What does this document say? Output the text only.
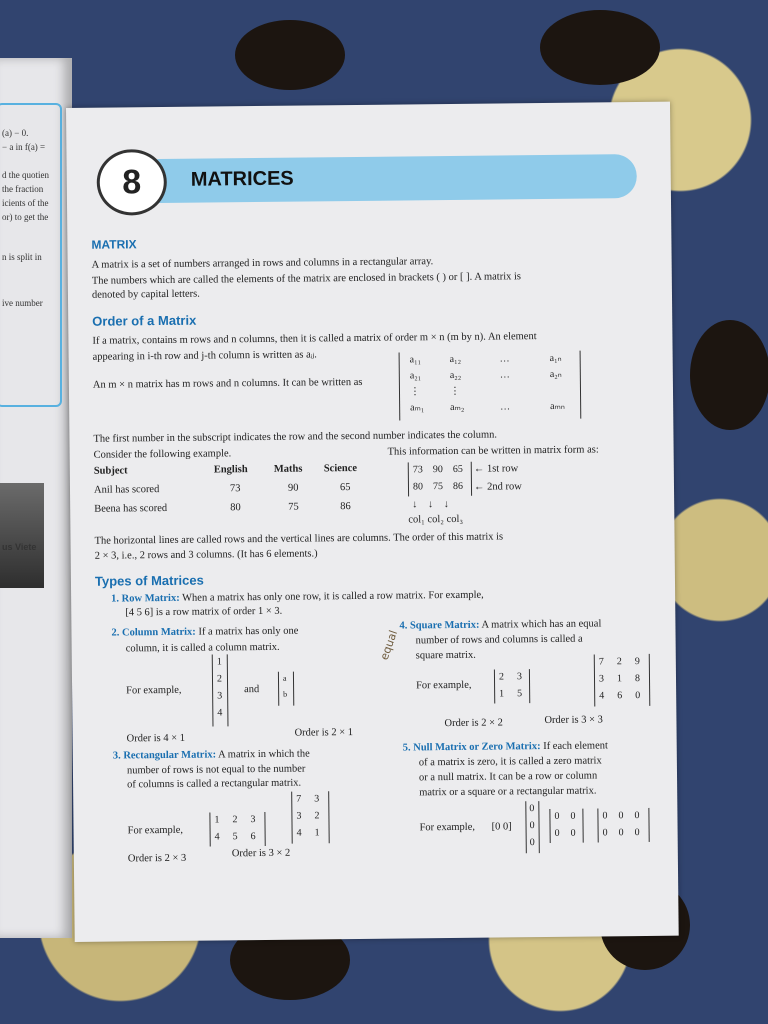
(a) − 0.
− a in f(a) =
d the quotien
the fraction
icients of the
or) to get the
n is split in
ive number
us Viete
8	MATRICES
MATRIX
A matrix is a set of numbers arranged in rows and columns in a rectangular array.
The numbers which are called the elements of the matrix are enclosed in brackets ( ) or [ ]. A matrix is
denoted by capital letters.
Order of a Matrix
If a matrix, contains m rows and n columns, then it is called a matrix of order m × n (m by n). An element
appearing in i-th row and j-th column is written as aᵢⱼ.
An m × n matrix has m rows and n columns. It can be written as
a₁₁	a₁₂	…	a₁ₙ
a₂₁	a₂₂	…	a₂ₙ
⋮	⋮
aₘ₁	aₘ₂	…	aₘₙ
The first number in the subscript indicates the row and the second number indicates the column.
Consider the following example.	This information can be written in matrix form as:
Subject	English Maths Science
Anil has scored	73	90	65
Beena has scored	80	75	86
73 90 65
80 75 86
← 1st row
← 2nd row
↓    ↓    ↓
col₁ col₂ col₃
The horizontal lines are called rows and the vertical lines are columns. The order of this matrix is
2 × 3, i.e., 2 rows and 3 columns. (It has 6 elements.)
Types of Matrices
1. Row Matrix: When a matrix has only one row, it is called a row matrix. For example,
[4 5 6] is a row matrix of order 1 × 3.
2. Column Matrix: If a matrix has only one
column, it is called a column matrix.
For example,
1
2
3
4
and
a
b
Order is 4 × 1	Order is 2 × 1
3. Rectangular Matrix: A matrix in which the
number of rows is not equal to the number
of columns is called a rectangular matrix.
For example,
1 2 3
4 5 6
7 3
3 2
4 1
Order is 2 × 3	Order is 3 × 2
equal
4. Square Matrix: A matrix which has an equal
number of rows and columns is called a
square matrix.
For example,
2 3
1 5
7 2 9
3 1 8
4 6 0
Order is 2 × 2	Order is 3 × 3
5. Null Matrix or Zero Matrix: If each element
of a matrix is zero, it is called a zero matrix
or a null matrix. It can be a row or column
matrix or a square or a rectangular matrix.
For example, [0 0]
0
0
0
0 0
0 0
0 0 0
0 0 0
